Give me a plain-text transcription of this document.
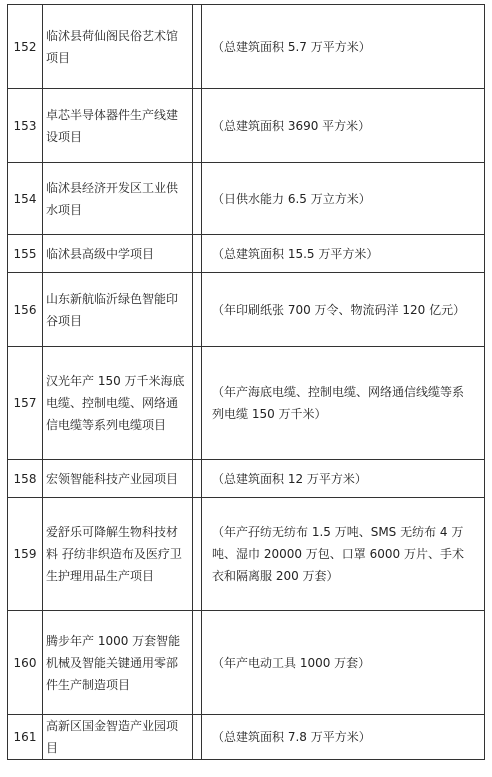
152	临沭县荷仙阁民俗艺术馆项目		（总建筑面积 5.7 万平方米）
153	卓芯半导体器件生产线建设项目		（总建筑面积 3690 平方米）
154	临沭县经济开发区工业供水项目		（日供水能力 6.5 万立方米）
155	临沭县高级中学项目		（总建筑面积 15.5 万平方米）
156	山东新航临沂绿色智能印谷项目		（年印刷纸张 700 万令、物流码洋 120 亿元）
157	汉光年产 150 万千米海底电缆、控制电缆、网络通信电缆等系列电缆项目		（年产海底电缆、控制电缆、网络通信线缆等系列电缆 150 万千米）
158	宏领智能科技产业园项目		（总建筑面积 12 万平方米）
159	爱舒乐可降解生物科技材料 孖纺非织造布及医疗卫生护理用品生产项目		（年产孖纺无纺布 1.5 万吨、SMS 无纺布 4 万吨、湿巾 20000 万包、口罩 6000 万片、手术衣和隔离服 200 万套）
160	腾步年产 1000 万套智能机械及智能关键通用零部件生产制造项目		（年产电动工具 1000 万套）
161	高新区国金智造产业园项目		（总建筑面积 7.8 万平方米）
